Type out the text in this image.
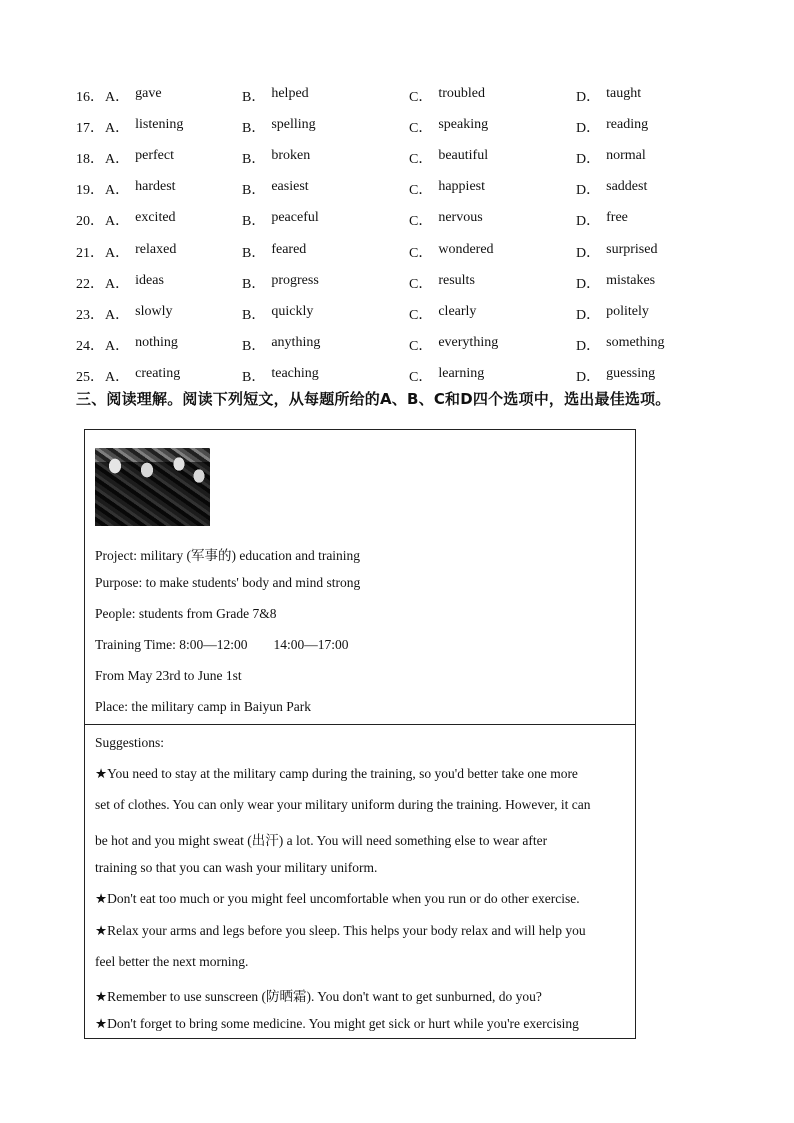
16． A． gave	B． helped	C． troubled	D． taught
17． A． listening	B． spelling	C． speaking	D． reading
18． A． perfect	B． broken	C． beautiful	D． normal
19． A． hardest	B． easiest	C． happiest	D． saddest
20． A． excited	B． peaceful	C． nervous	D． free
21． A． relaxed	B． feared	C． wondered	D． surprised
22． A． ideas	B． progress	C． results	D． mistakes
23． A． slowly	B． quickly	C． clearly	D． politely
24． A． nothing	B． anything	C． everything	D． something
25． A． creating	B． teaching	C． learning	D． guessing
三、阅读理解。阅读下列短文，从每题所给的A、B、C和D四个选项中，选出最佳选项。
Project: military (军事的) education and training
Purpose: to make students' body and mind strong
People: students from Grade 7&8
Training Time: 8:00—12:00 14:00—17:00
From May 23rd to June 1st
Place: the military camp in Baiyun Park
Suggestions:
★You need to stay at the military camp during the training, so you'd better take one more
set of clothes. You can only wear your military uniform during the training. However, it can
be hot and you might sweat (出汗) a lot. You will need something else to wear after
training so that you can wash your military uniform.
★Don't eat too much or you might feel uncomfortable when you run or do other exercise.
★Relax your arms and legs before you sleep. This helps your body relax and will help you
feel better the next morning.
★Remember to use sunscreen (防晒霜). You don't want to get sunburned, do you?
★Don't forget to bring some medicine. You might get sick or hurt while you're exercising
